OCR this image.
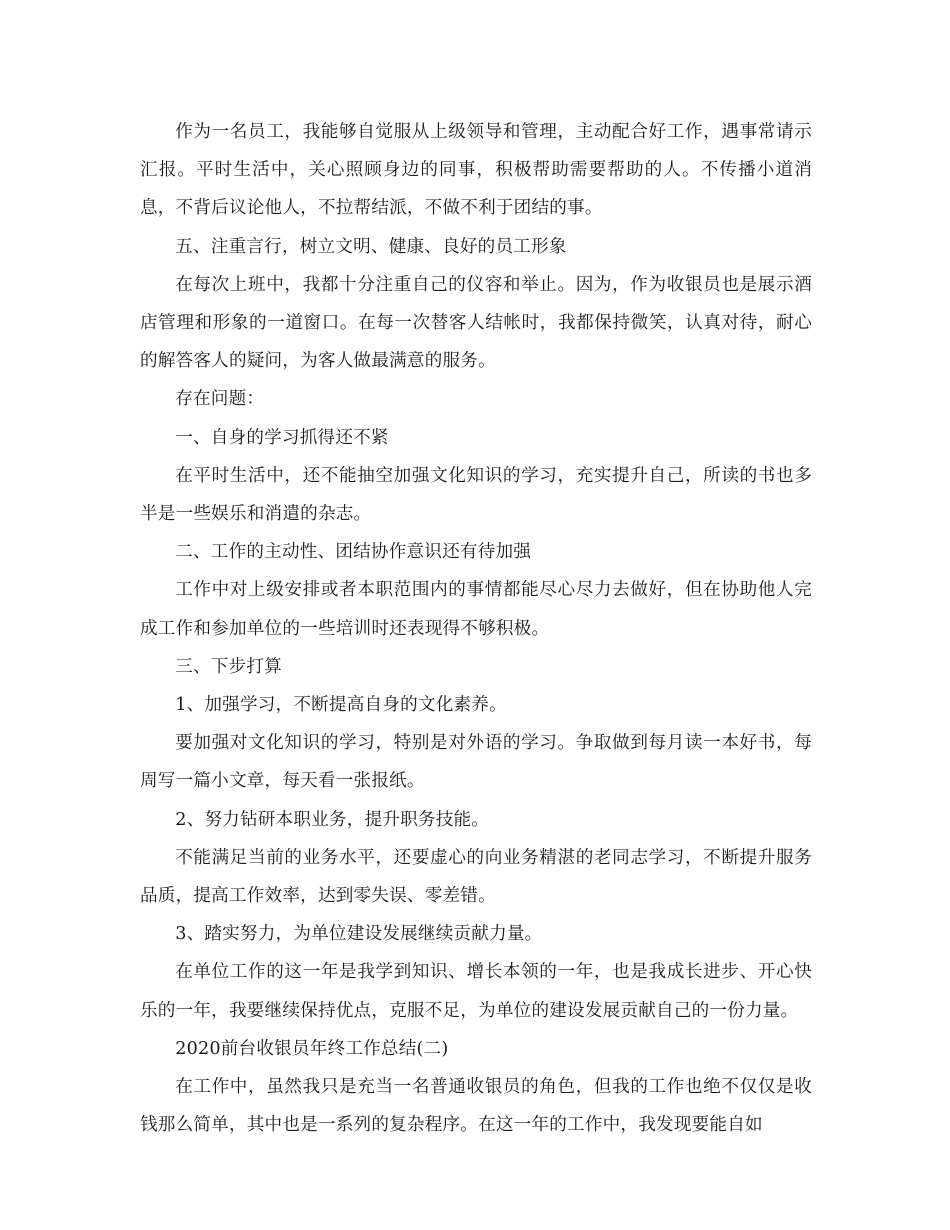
作为一名员工，我能够自觉服从上级领导和管理，主动配合好工作，遇事常请示汇报。平时生活中，关心照顾身边的同事，积极帮助需要帮助的人。不传播小道消息，不背后议论他人，不拉帮结派，不做不利于团结的事。

五、注重言行，树立文明、健康、良好的员工形象

在每次上班中，我都十分注重自己的仪容和举止。因为，作为收银员也是展示酒店管理和形象的一道窗口。在每一次替客人结帐时，我都保持微笑，认真对待，耐心的解答客人的疑问，为客人做最满意的服务。

存在问题：

一、自身的学习抓得还不紧

在平时生活中，还不能抽空加强文化知识的学习，充实提升自己，所读的书也多半是一些娱乐和消遣的杂志。

二、工作的主动性、团结协作意识还有待加强

工作中对上级安排或者本职范围内的事情都能尽心尽力去做好，但在协助他人完成工作和参加单位的一些培训时还表现得不够积极。

三、下步打算

1、加强学习，不断提高自身的文化素养。

要加强对文化知识的学习，特别是对外语的学习。争取做到每月读一本好书，每周写一篇小文章，每天看一张报纸。

2、努力钻研本职业务，提升职务技能。

不能满足当前的业务水平，还要虚心的向业务精湛的老同志学习，不断提升服务品质，提高工作效率，达到零失误、零差错。

3、踏实努力，为单位建设发展继续贡献力量。

在单位工作的这一年是我学到知识、增长本领的一年，也是我成长进步、开心快乐的一年，我要继续保持优点，克服不足，为单位的建设发展贡献自己的一份力量。

2020前台收银员年终工作总结(二)

在工作中，虽然我只是充当一名普通收银员的角色，但我的工作也绝不仅仅是收钱那么简单，其中也是一系列的复杂程序。在这一年的工作中，我发现要能自如
